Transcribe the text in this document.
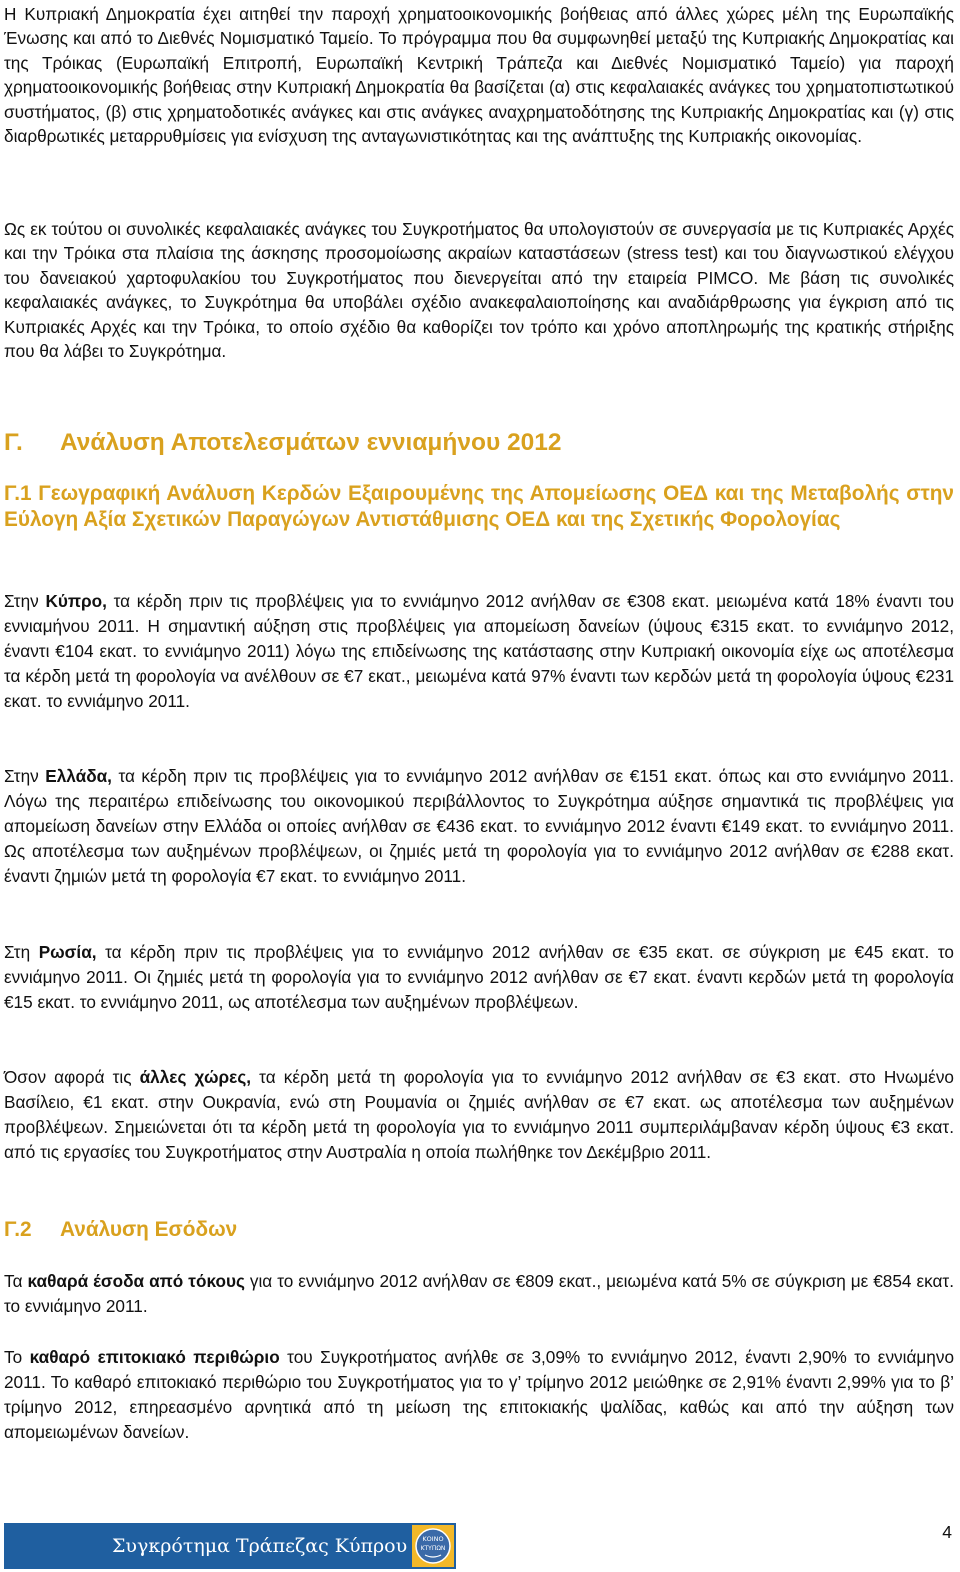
Η Κυπριακή Δημοκρατία έχει αιτηθεί την παροχή χρηματοοικονομικής βοήθειας από άλλες χώρες μέλη της Ευρωπαϊκής Ένωσης και από το Διεθνές Νομισματικό Ταμείο. Το πρόγραμμα που θα συμφωνηθεί μεταξύ της Κυπριακής Δημοκρατίας και της Τρόικας (Ευρωπαϊκή Επιτροπή, Ευρωπαϊκή Κεντρική Τράπεζα και Διεθνές Νομισματικό Ταμείο) για παροχή χρηματοοικονομικής βοήθειας στην Κυπριακή Δημοκρατία θα βασίζεται (α) στις κεφαλαιακές ανάγκες του χρηματοπιστωτικού συστήματος, (β) στις χρηματοδοτικές ανάγκες και στις ανάγκες αναχρηματοδότησης της Κυπριακής Δημοκρατίας και (γ) στις διαρθρωτικές μεταρρυθμίσεις για ενίσχυση της ανταγωνιστικότητας και της ανάπτυξης της Κυπριακής οικονομίας.

Ως εκ τούτου οι συνολικές κεφαλαιακές ανάγκες του Συγκροτήματος θα υπολογιστούν σε συνεργασία με τις Κυπριακές Αρχές και την Τρόικα στα πλαίσια της άσκησης προσομοίωσης ακραίων καταστάσεων (stress test) και του διαγνωστικού ελέγχου του δανειακού χαρτοφυλακίου του Συγκροτήματος που διενεργείται από την εταιρεία PIMCO. Με βάση τις συνολικές κεφαλαιακές ανάγκες, το Συγκρότημα θα υποβάλει σχέδιο ανακεφαλαιοποίησης και αναδιάρθρωσης για έγκριση από τις Κυπριακές Αρχές και την Τρόικα, το οποίο σχέδιο θα καθορίζει τον τρόπο και χρόνο αποπληρωμής της κρατικής στήριξης που θα λάβει το Συγκρότημα.

Γ. Ανάλυση Αποτελεσμάτων εννιαμήνου 2012
Γ.1 Γεωγραφική Ανάλυση Κερδών Εξαιρουμένης της Απομείωσης ΟΕΔ και της Μεταβολής στην Εύλογη Αξία Σχετικών Παραγώγων Αντιστάθμισης ΟΕΔ και της Σχετικής Φορολογίας

Στην Κύπρο, τα κέρδη πριν τις προβλέψεις για το εννιάμηνο 2012 ανήλθαν σε €308 εκατ. μειωμένα κατά 18% έναντι του εννιαμήνου 2011. Η σημαντική αύξηση στις προβλέψεις για απομείωση δανείων (ύψους €315 εκατ. το εννιάμηνο 2012, έναντι €104 εκατ. το εννιάμηνο 2011) λόγω της επιδείνωσης της κατάστασης στην Κυπριακή οικονομία είχε ως αποτέλεσμα τα κέρδη μετά τη φορολογία να ανέλθουν σε €7 εκατ., μειωμένα κατά 97% έναντι των κερδών μετά τη φορολογία ύψους €231 εκατ. το εννιάμηνο 2011.

Στην Ελλάδα, τα κέρδη πριν τις προβλέψεις για το εννιάμηνο 2012 ανήλθαν σε €151 εκατ. όπως και στο εννιάμηνο 2011. Λόγω της περαιτέρω επιδείνωσης του οικονομικού περιβάλλοντος το Συγκρότημα αύξησε σημαντικά τις προβλέψεις για απομείωση δανείων στην Ελλάδα οι οποίες ανήλθαν σε €436 εκατ. το εννιάμηνο 2012 έναντι €149 εκατ. το εννιάμηνο 2011. Ως αποτέλεσμα των αυξημένων προβλέψεων, οι ζημιές μετά τη φορολογία για το εννιάμηνο 2012 ανήλθαν σε €288 εκατ. έναντι ζημιών μετά τη φορολογία €7 εκατ. το εννιάμηνο 2011.

Στη Ρωσία, τα κέρδη πριν τις προβλέψεις για το εννιάμηνο 2012 ανήλθαν σε €35 εκατ. σε σύγκριση με €45 εκατ. το εννιάμηνο 2011. Οι ζημιές μετά τη φορολογία για το εννιάμηνο 2012 ανήλθαν σε €7 εκατ. έναντι κερδών μετά τη φορολογία €15 εκατ. το εννιάμηνο 2011, ως αποτέλεσμα των αυξημένων προβλέψεων.

Όσον αφορά τις άλλες χώρες, τα κέρδη μετά τη φορολογία για το εννιάμηνο 2012 ανήλθαν σε €3 εκατ. στο Ηνωμένο Βασίλειο, €1 εκατ. στην Ουκρανία, ενώ στη Ρουμανία οι ζημιές ανήλθαν σε €7 εκατ. ως αποτέλεσμα των αυξημένων προβλέψεων. Σημειώνεται ότι τα κέρδη μετά τη φορολογία για το εννιάμηνο 2011 συμπεριλάμβαναν κέρδη ύψους €3 εκατ. από τις εργασίες του Συγκροτήματος στην Αυστραλία η οποία πωλήθηκε τον Δεκέμβριο 2011.

Γ.2 Ανάλυση Εσόδων

Τα καθαρά έσοδα από τόκους για το εννιάμηνο 2012 ανήλθαν σε €809 εκατ., μειωμένα κατά 5% σε σύγκριση με €854 εκατ. το εννιάμηνο 2011.

Το καθαρό επιτοκιακό περιθώριο του Συγκροτήματος ανήλθε σε 3,09% το εννιάμηνο 2012, έναντι 2,90% το εννιάμηνο 2011. Το καθαρό επιτοκιακό περιθώριο του Συγκροτήματος για το γ’ τρίμηνο 2012 μειώθηκε σε 2,91% έναντι 2,99% για το β’ τρίμηνο 2012, επηρεασμένο αρνητικά από τη μείωση της επιτοκιακής ψαλίδας, καθώς και από την αύξηση των απομειωμένων δανείων.

Συγκρότημα Τράπεζας Κύπρου ΚΟΙΝΟ
ΚΤΥΠΩΝ
4
